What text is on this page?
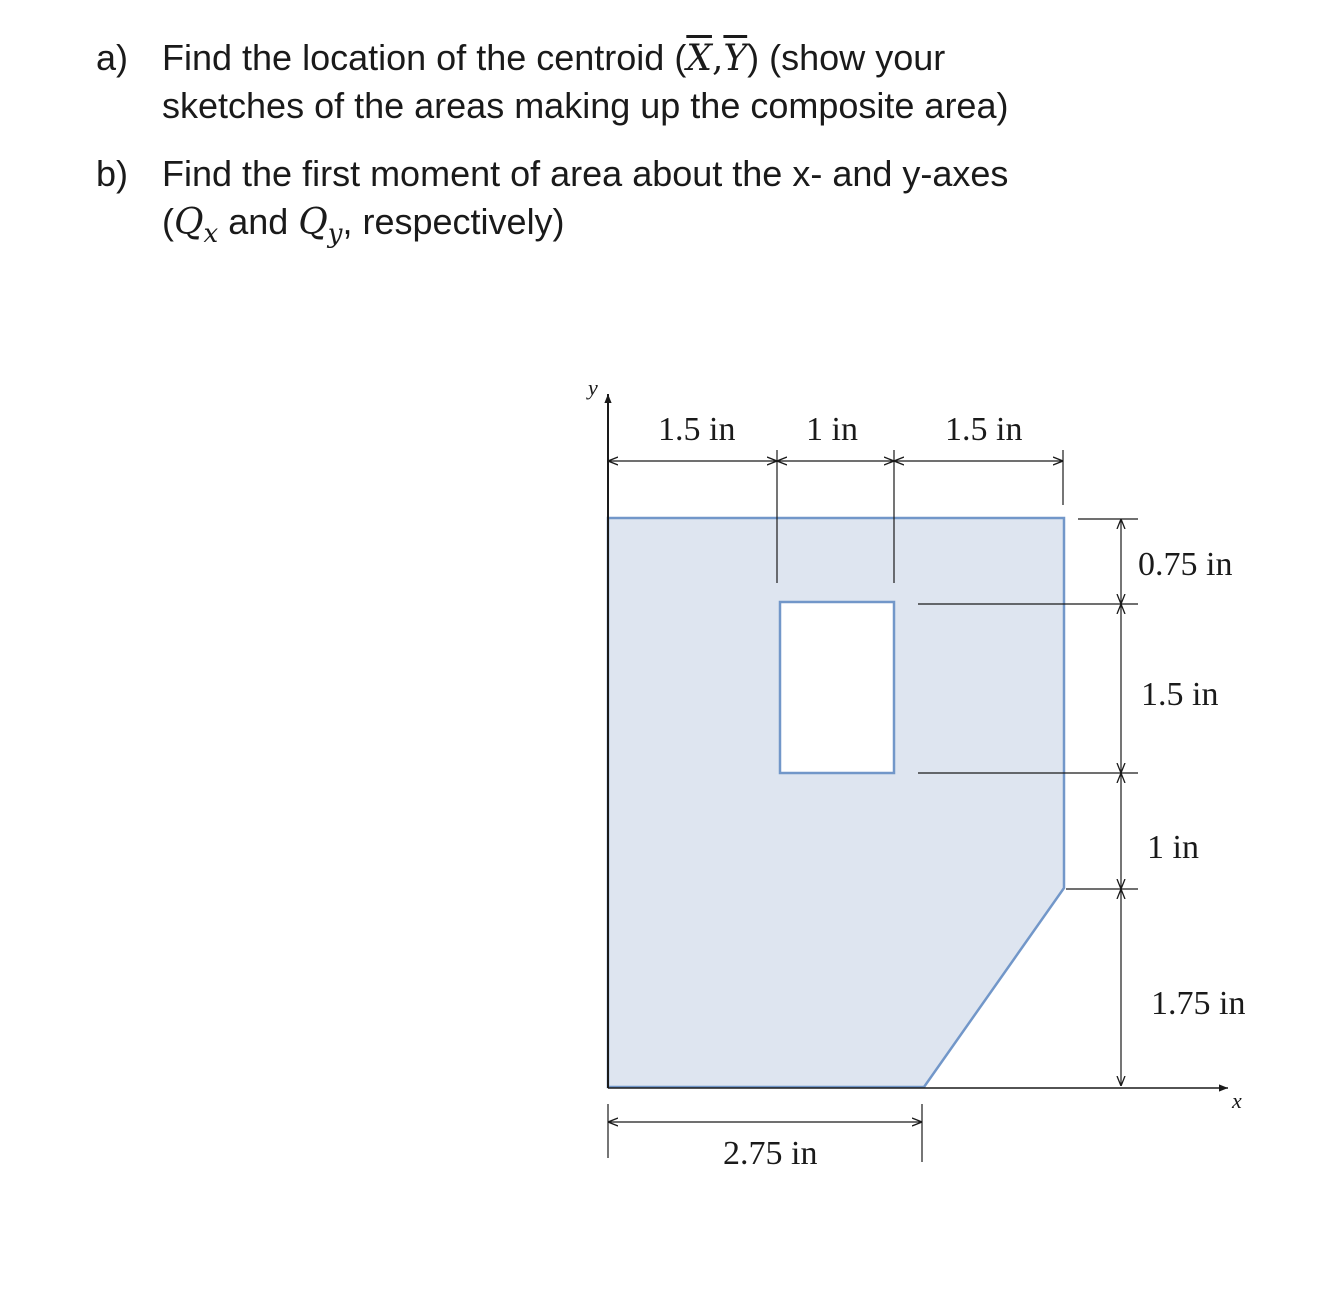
a) Find the location of the centroid $(\overline{X},\overline{Y})$ (show your
sketches of the areas making up the composite area)
b) Find the first moment of area about the x- and y-axes
($Q_x$ and $Q_y$, respectively)
y
x
1.5 in 1 in	1.5 in
0.75 in
1.5 in
1 in
1.75 in
2.75 in
